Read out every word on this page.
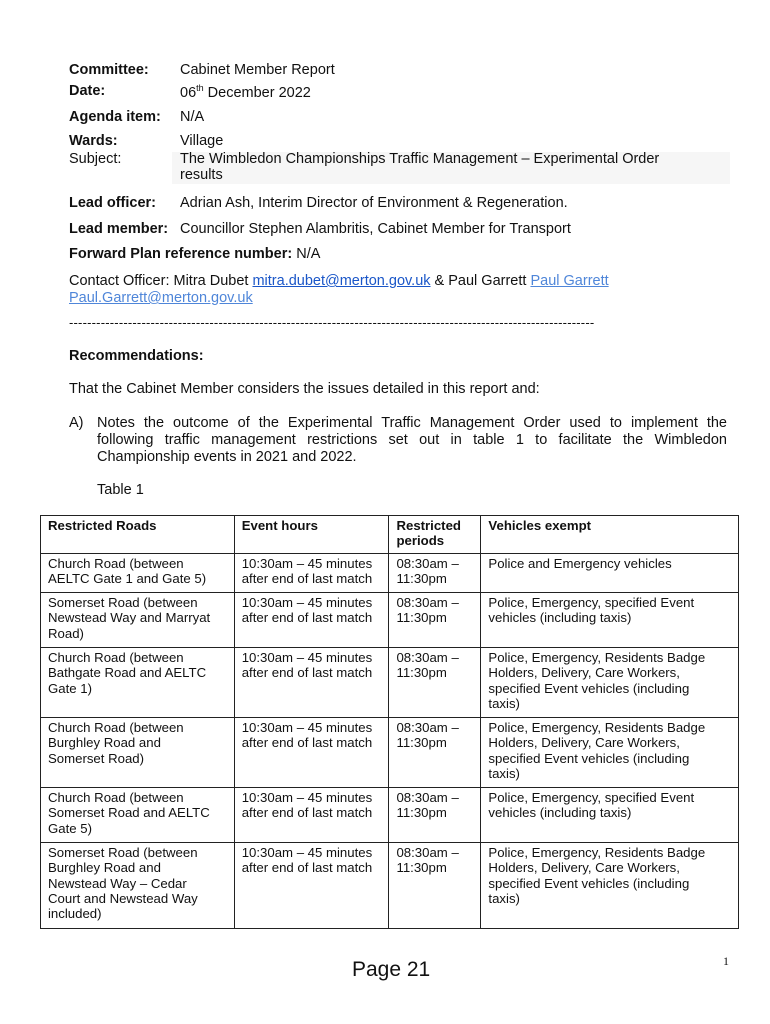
Committee: Cabinet Member Report
Date:	06th December 2022
Agenda item: N/A
Wards:	Village
Subject:	The Wimbledon Championships Traffic Management – Experimental Order
results
Lead officer: Adrian Ash, Interim Director of Environment & Regeneration.
Lead member: Councillor Stephen Alambritis, Cabinet Member for Transport
Forward Plan reference number: N/A
Contact Officer: Mitra Dubet mitra.dubet@merton.gov.uk & Paul Garrett Paul Garrett
Paul.Garrett@merton.gov.uk
--------------------------------------------------------------------------------------------------------------------
Recommendations:
That the Cabinet Member considers the issues detailed in this report and:
A) Notes the outcome of the Experimental Traffic Management Order used to implement the following traffic management restrictions set out in table 1 to facilitate the Wimbledon Championship events in 2021 and 2022.
Table 1
Restricted Roads	Event hours	Restricted
periods	Vehicles exempt
Church Road (between
AELTC Gate 1 and Gate 5)	10:30am – 45 minutes
after end of last match	08:30am –
11:30pm	Police and Emergency vehicles
Somerset Road (between
Newstead Way and Marryat
Road)	10:30am – 45 minutes
after end of last match	08:30am –
11:30pm	Police, Emergency, specified Event
vehicles (including taxis)
Church Road (between
Bathgate Road and AELTC
Gate 1)	10:30am – 45 minutes
after end of last match	08:30am –
11:30pm	Police, Emergency, Residents Badge
Holders, Delivery, Care Workers,
specified Event vehicles (including
taxis)
Church Road (between
Burghley Road and
Somerset Road)	10:30am – 45 minutes
after end of last match	08:30am –
11:30pm	Police, Emergency, Residents Badge
Holders, Delivery, Care Workers,
specified Event vehicles (including
taxis)
Church Road (between
Somerset Road and AELTC
Gate 5)	10:30am – 45 minutes
after end of last match	08:30am –
11:30pm	Police, Emergency, specified Event
vehicles (including taxis)
Somerset Road (between
Burghley Road and
Newstead Way – Cedar
Court and Newstead Way
included)	10:30am – 45 minutes
after end of last match	08:30am –
11:30pm	Police, Emergency, Residents Badge
Holders, Delivery, Care Workers,
specified Event vehicles (including
taxis)
1
Page 21
